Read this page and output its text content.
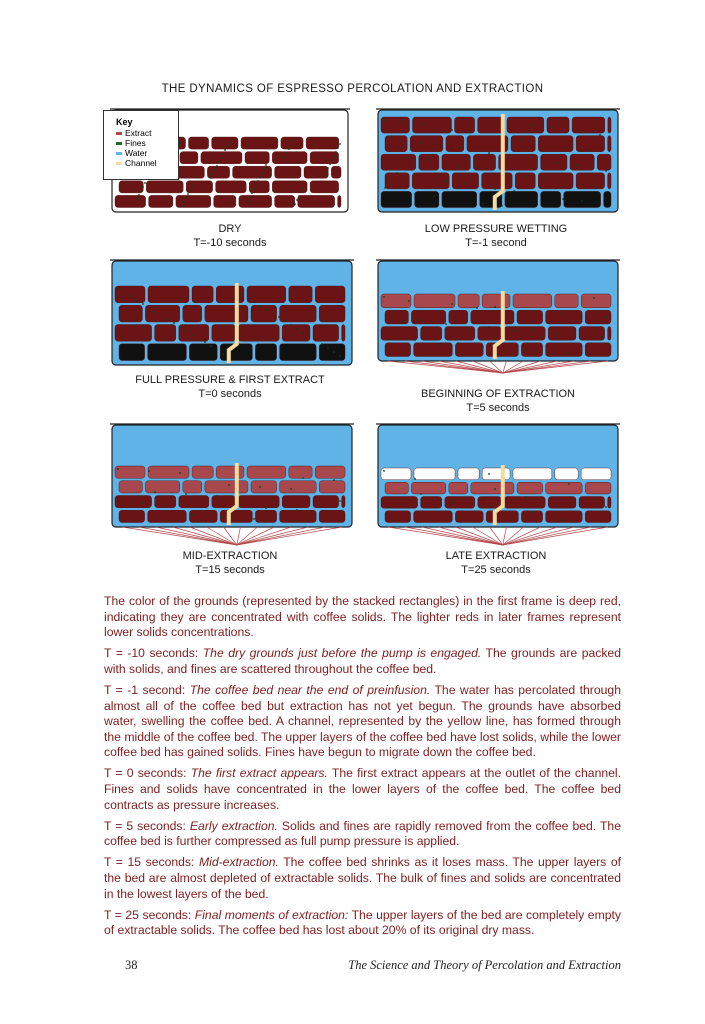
THE DYNAMICS OF ESPRESSO PERCOLATION AND EXTRACTION
Key
Extract
Fines
Water
Channel
DRY
T=-10 seconds
LOW PRESSURE WETTING
T=-1 second
FULL PRESSURE & FIRST EXTRACT
T=0 seconds	BEGINNING OF EXTRACTION
T=5 seconds
MID-EXTRACTION
T=15 seconds
LATE EXTRACTION
T=25 seconds

The color of the grounds (represented by the stacked rectangles) in the first frame is deep red, indicating they are concentrated with coffee solids. The lighter reds in later frames represent lower solids concentrations.

T = -10 seconds: The dry grounds just before the pump is engaged. The grounds are packed with solids, and fines are scattered throughout the coffee bed.

T = -1 second: The coffee bed near the end of preinfusion. The water has percolated through almost all of the coffee bed but extraction has not yet begun. The grounds have absorbed water, swelling the coffee bed. A channel, represented by the yellow line, has formed through the middle of the coffee bed. The upper layers of the coffee bed have lost solids, while the lower coffee bed has gained solids. Fines have begun to migrate down the coffee bed.

T = 0 seconds: The first extract appears. The first extract appears at the outlet of the channel. Fines and solids have concentrated in the lower layers of the coffee bed. The coffee bed contracts as pressure increases.

T = 5 seconds: Early extraction. Solids and fines are rapidly removed from the coffee bed. The coffee bed is further compressed as full pump pressure is applied.

T = 15 seconds: Mid-extraction. The coffee bed shrinks as it loses mass. The upper layers of the bed are almost depleted of extractable solids. The bulk of fines and solids are concentrated in the lowest layers of the bed.

T = 25 seconds: Final moments of extraction: The upper layers of the bed are completely empty of extractable solids. The coffee bed has lost about 20% of its original dry mass.

38	The Science and Theory of Percolation and Extraction
